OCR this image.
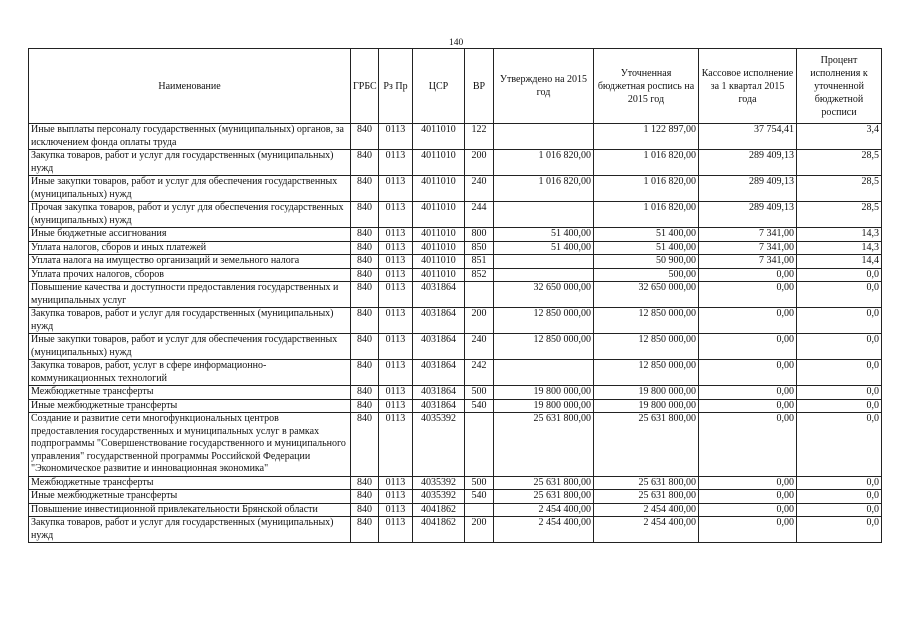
140
Наименование	ГРБС	Рз Пр	ЦСР	ВР	Утверждено на 2015 год	Уточненная бюджетная роспись на 2015 год	Кассовое исполнение за 1 квартал 2015 года	Процент исполнения к уточненной бюджетной росписи
Иные выплаты персоналу государственных (муниципальных) органов, за исключением фонда оплаты труда	840	0113	4011010	122		1 122 897,00	37 754,41	3,4
Закупка товаров, работ и услуг для государственных (муниципальных) нужд	840	0113	4011010	200	1 016 820,00	1 016 820,00	289 409,13	28,5
Иные закупки товаров, работ и услуг для обеспечения государственных (муниципальных) нужд	840	0113	4011010	240	1 016 820,00	1 016 820,00	289 409,13	28,5
Прочая закупка товаров, работ и услуг для обеспечения государственных (муниципальных) нужд	840	0113	4011010	244		1 016 820,00	289 409,13	28,5
Иные бюджетные ассигнования	840	0113	4011010	800	51 400,00	51 400,00	7 341,00	14,3
Уплата налогов, сборов и иных платежей	840	0113	4011010	850	51 400,00	51 400,00	7 341,00	14,3
Уплата налога на имущество организаций и земельного налога	840	0113	4011010	851		50 900,00	7 341,00	14,4
Уплата прочих налогов, сборов	840	0113	4011010	852		500,00	0,00	0,0
Повышение качества и доступности предоставления государственных и муниципальных услуг	840	0113	4031864		32 650 000,00	32 650 000,00	0,00	0,0
Закупка товаров, работ и услуг для государственных (муниципальных) нужд	840	0113	4031864	200	12 850 000,00	12 850 000,00	0,00	0,0
Иные закупки товаров, работ и услуг для обеспечения государственных (муниципальных) нужд	840	0113	4031864	240	12 850 000,00	12 850 000,00	0,00	0,0
Закупка товаров, работ, услуг в сфере информационно-коммуникационных технологий	840	0113	4031864	242		12 850 000,00	0,00	0,0
Межбюджетные трансферты	840	0113	4031864	500	19 800 000,00	19 800 000,00	0,00	0,0
Иные межбюджетные трансферты	840	0113	4031864	540	19 800 000,00	19 800 000,00	0,00	0,0
Создание и развитие сети многофункциональных центров предоставления государственных и муниципальных услуг в рамках подпрограммы "Совершенствование государственного и муниципального управления" государственной программы Российской Федерации "Экономическое развитие и инновационная экономика"	840	0113	4035392		25 631 800,00	25 631 800,00	0,00	0,0
Межбюджетные трансферты	840	0113	4035392	500	25 631 800,00	25 631 800,00	0,00	0,0
Иные межбюджетные трансферты	840	0113	4035392	540	25 631 800,00	25 631 800,00	0,00	0,0
Повышение инвестиционной привлекательности Брянской области	840	0113	4041862		2 454 400,00	2 454 400,00	0,00	0,0
Закупка товаров, работ и услуг для государственных (муниципальных) нужд	840	0113	4041862	200	2 454 400,00	2 454 400,00	0,00	0,0
